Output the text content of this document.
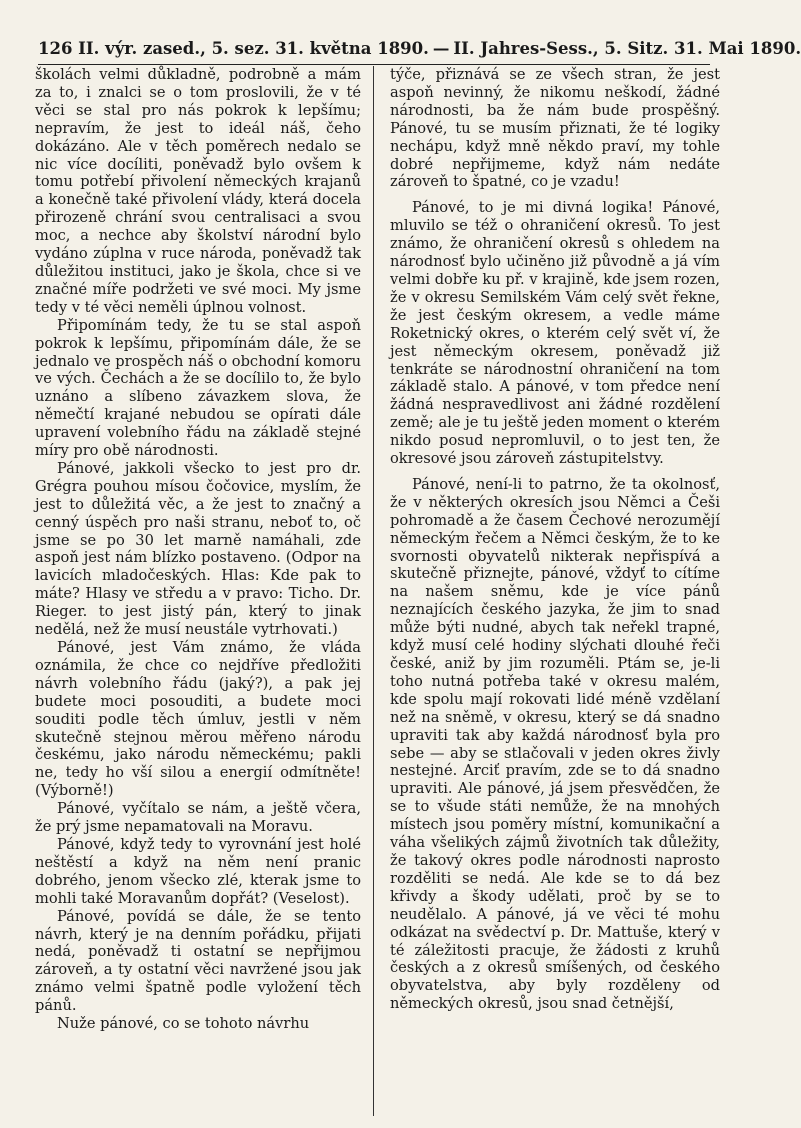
126 II. výr. zased., 5. sez. 31. května 1890. — II. Jahres-Sess., 5. Sitz. 31. Mai 1890.

školách velmi důkladně, podrobně a mám za to, i znalci se o tom proslovili, že v té věci se stal pro nás pokrok k lepšímu; nepravím, že jest to ideál náš, čeho dokázáno. Ale v těch poměrech nedalo se nic více docíliti, poněvadž bylo ovšem k tomu potřebí přivolení německých krajanů a konečně také přivolení vlády, která docela přirozeně chrání svou centralisaci a svou moc, a nechce aby školství národní bylo vydáno zúplna v ruce národa, poněvadž tak důležitou instituci, jako je škola, chce si ve značné míře podržeti ve své moci. My jsme tedy v té věci neměli úplnou volnost.

Připomínám tedy, že tu se stal aspoň pokrok k lepšímu, připomínám dále, že se jednalo ve prospěch náš o obchodní komoru ve vých. Čechách a že se docílilo to, že bylo uznáno a slíbeno závazkem slova, že němečtí krajané nebudou se opírati dále upravení volebního řádu na základě stejné míry pro obě národnosti.

Pánové, jakkoli všecko to jest pro dr. Grégra pouhou mísou čočovice, myslím, že jest to důležitá věc, a že jest to značný a cenný úspěch pro naši stranu, neboť to, oč jsme se po 30 let marně namáhali, zde aspoň jest nám blízko postaveno. (Odpor na lavicích mladočeských. Hlas: Kde pak to máte? Hlasy ve středu a v pravo: Ticho. Dr. Rieger. to jest jistý pán, který to jinak nedělá, než že musí neustále vytrhovati.)

Pánové, jest Vám známo, že vláda oznámila, že chce co nejdříve předložiti návrh volebního řádu (jaký?), a pak jej budete moci posouditi, a budete moci souditi podle těch úmluv, jestli v něm skutečně stejnou měrou měřeno národu českému, jako národu německému; pakli ne, tedy ho vší silou a energií odmítněte! (Výborně!)

Pánové, vyčítalo se nám, a ještě včera, že prý jsme nepamatovali na Moravu.

Pánové, když tedy to vyrovnání jest holé neštěstí a když na něm není pranic dobrého, jenom všecko zlé, kterak jsme to mohli také Moravanům dopřát? (Veselost).

Pánové, povídá se dále, že se tento návrh, který je na denním pořádku, přijati nedá, poněvadž ti ostatní se nepřijmou zároveň, a ty ostatní věci navržené jsou jak známo velmi špatně podle vyložení těch pánů.

Nuže pánové, co se tohoto návrhu

týče, přiznává se ze všech stran, že jest aspoň nevinný, že nikomu neškodí, žádné národnosti, ba že nám bude prospěšný. Pánové, tu se musím přiznati, že té logiky nechápu, když mně někdo praví, my tohle dobré nepřijmeme, když nám nedáte zároveň to špatné, co je vzadu!

Pánové, to je mi divná logika! Pánové, mluvilo se též o ohraničení okresů. To jest známo, že ohraničení okresů s ohledem na národnosť bylo učiněno již původně a já vím velmi dobře ku př. v krajině, kde jsem rozen, že v okresu Semilském Vám celý svět řekne, že jest českým okresem, a vedle máme Roketnický okres, o kterém celý svět ví, že jest německým okresem, poněvadž již tenkráte se národnostní ohraničení na tom základě stalo. A pánové, v tom předce není žádná nespravedlivost ani žádné rozdělení země; ale je tu ještě jeden moment o kterém nikdo posud nepromluvil, o to jest ten, že okresové jsou zároveň zástupitelstvy.

Pánové, není-li to patrno, že ta okolnosť, že v některých okresích jsou Němci a Češi pohromadě a že časem Čechové nerozumějí německým řečem a Němci českým, že to ke svornosti obyvatelů nikterak nepřispívá a skutečně přiznejte, pánové, vždyť to cítíme na našem sněmu, kde je více pánů neznajících českého jazyka, že jim to snad může býti nudné, abych tak neřekl trapné, když musí celé hodiny slýchati dlouhé řeči české, aniž by jim rozuměli. Ptám se, je-li toho nutná potřeba také v okresu malém, kde spolu mají rokovati lidé méně vzdělaní než na sněmě, v okresu, který se dá snadno upraviti tak aby každá národnosť byla pro sebe — aby se stlačovali v jeden okres živly nestejné. Arciť pravím, zde se to dá snadno upraviti. Ale pánové, já jsem přesvědčen, že se to všude státi nemůže, že na mnohých místech jsou poměry místní, komunikační a váha všelikých zájmů životních tak důležity, že takový okres podle národnosti naprosto rozděliti se nedá. Ale kde se to dá bez křivdy a škody udělati, proč by se to neudělalo. A pánové, já ve věci té mohu odkázat na svědectví p. Dr. Mattuše, který v té záležitosti pracuje, že žádosti z kruhů českých a z okresů smíšených, od českého obyvatelstva, aby byly rozděleny od německých okresů, jsou snad četnější,
